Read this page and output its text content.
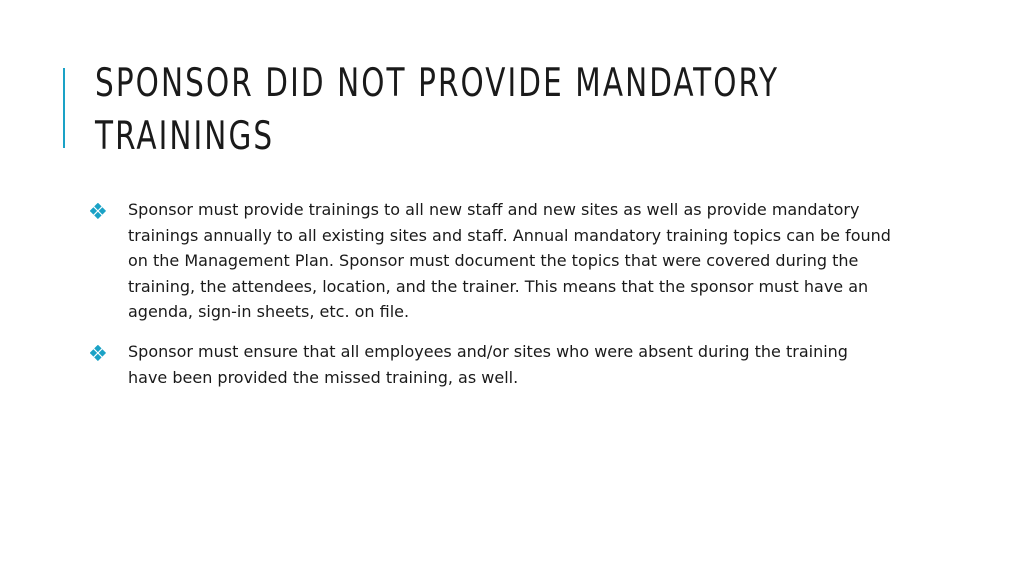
SPONSOR DID NOT PROVIDE MANDATORY TRAININGS
Sponsor must provide trainings to all new staff and new sites as well as provide mandatory trainings annually to all existing sites and staff. Annual mandatory training topics can be found on the Management Plan. Sponsor must document the topics that were covered during the training, the attendees, location, and the trainer. This means that the sponsor must have an agenda, sign-in sheets, etc. on file.
Sponsor must ensure that all employees and/or sites who were absent during the training have been provided the missed training, as well.
